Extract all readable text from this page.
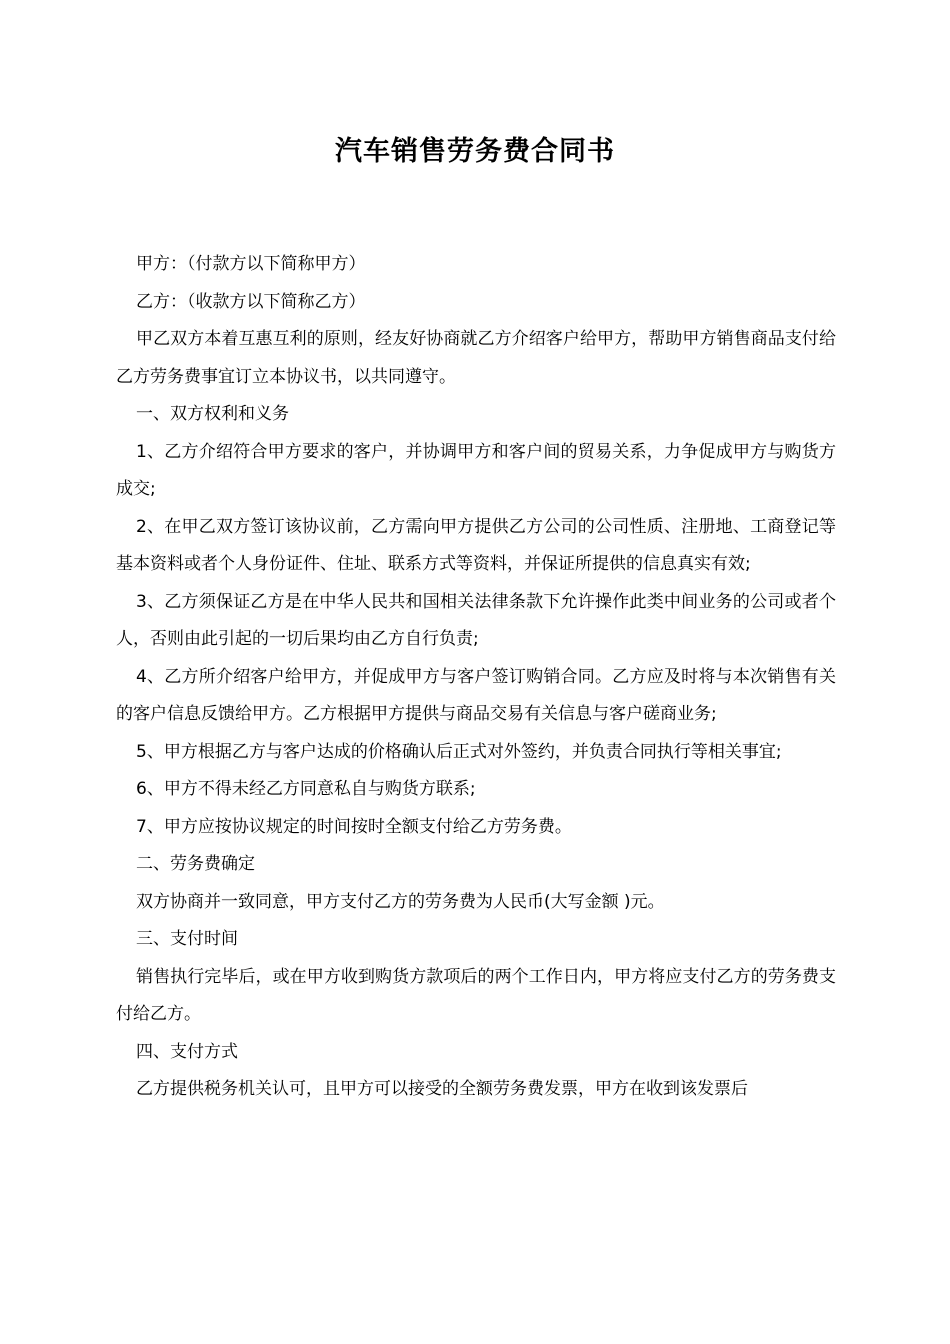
汽车销售劳务费合同书

甲方：（付款方以下简称甲方）

乙方：（收款方以下简称乙方）

甲乙双方本着互惠互利的原则，经友好协商就乙方介绍客户给甲方，帮助甲方销售商品支付给乙方劳务费事宜订立本协议书，以共同遵守。

一、双方权利和义务

1、乙方介绍符合甲方要求的客户，并协调甲方和客户间的贸易关系，力争促成甲方与购货方成交;

2、在甲乙双方签订该协议前，乙方需向甲方提供乙方公司的公司性质、注册地、工商登记等基本资料或者个人身份证件、住址、联系方式等资料，并保证所提供的信息真实有效;

3、乙方须保证乙方是在中华人民共和国相关法律条款下允许操作此类中间业务的公司或者个人，否则由此引起的一切后果均由乙方自行负责;

4、乙方所介绍客户给甲方，并促成甲方与客户签订购销合同。乙方应及时将与本次销售有关的客户信息反馈给甲方。乙方根据甲方提供与商品交易有关信息与客户磋商业务;

5、甲方根据乙方与客户达成的价格确认后正式对外签约，并负责合同执行等相关事宜;

6、甲方不得未经乙方同意私自与购货方联系;

7、甲方应按协议规定的时间按时全额支付给乙方劳务费。

二、劳务费确定

双方协商并一致同意，甲方支付乙方的劳务费为人民币(大写金额 )元。

三、支付时间

销售执行完毕后，或在甲方收到购货方款项后的两个工作日内，甲方将应支付乙方的劳务费支付给乙方。

四、支付方式

乙方提供税务机关认可，且甲方可以接受的全额劳务费发票，甲方在收到该发票后
